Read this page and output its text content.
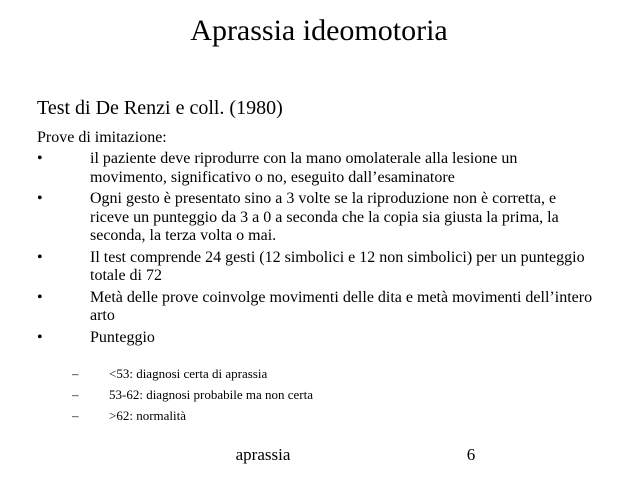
Aprassia ideomotoria
Test di De Renzi e coll. (1980)
Prove di imitazione:
•	il paziente deve riprodurre con la mano omolaterale alla lesione un movimento, significativo o no, eseguito dall’esaminatore
•	Ogni gesto è presentato sino a 3 volte se la riproduzione non è corretta, e riceve un punteggio da 3 a 0 a seconda che la copia sia giusta la prima, la seconda, la terza volta o mai.
•	Il test comprende 24 gesti (12 simbolici e 12 non simbolici) per un punteggio totale di 72
•	Metà delle prove coinvolge movimenti delle dita e metà movimenti dell’intero arto
•	Punteggio
– <53: diagnosi certa di aprassia
– 53-62: diagnosi probabile ma non certa
– >62: normalità
aprassia	6
